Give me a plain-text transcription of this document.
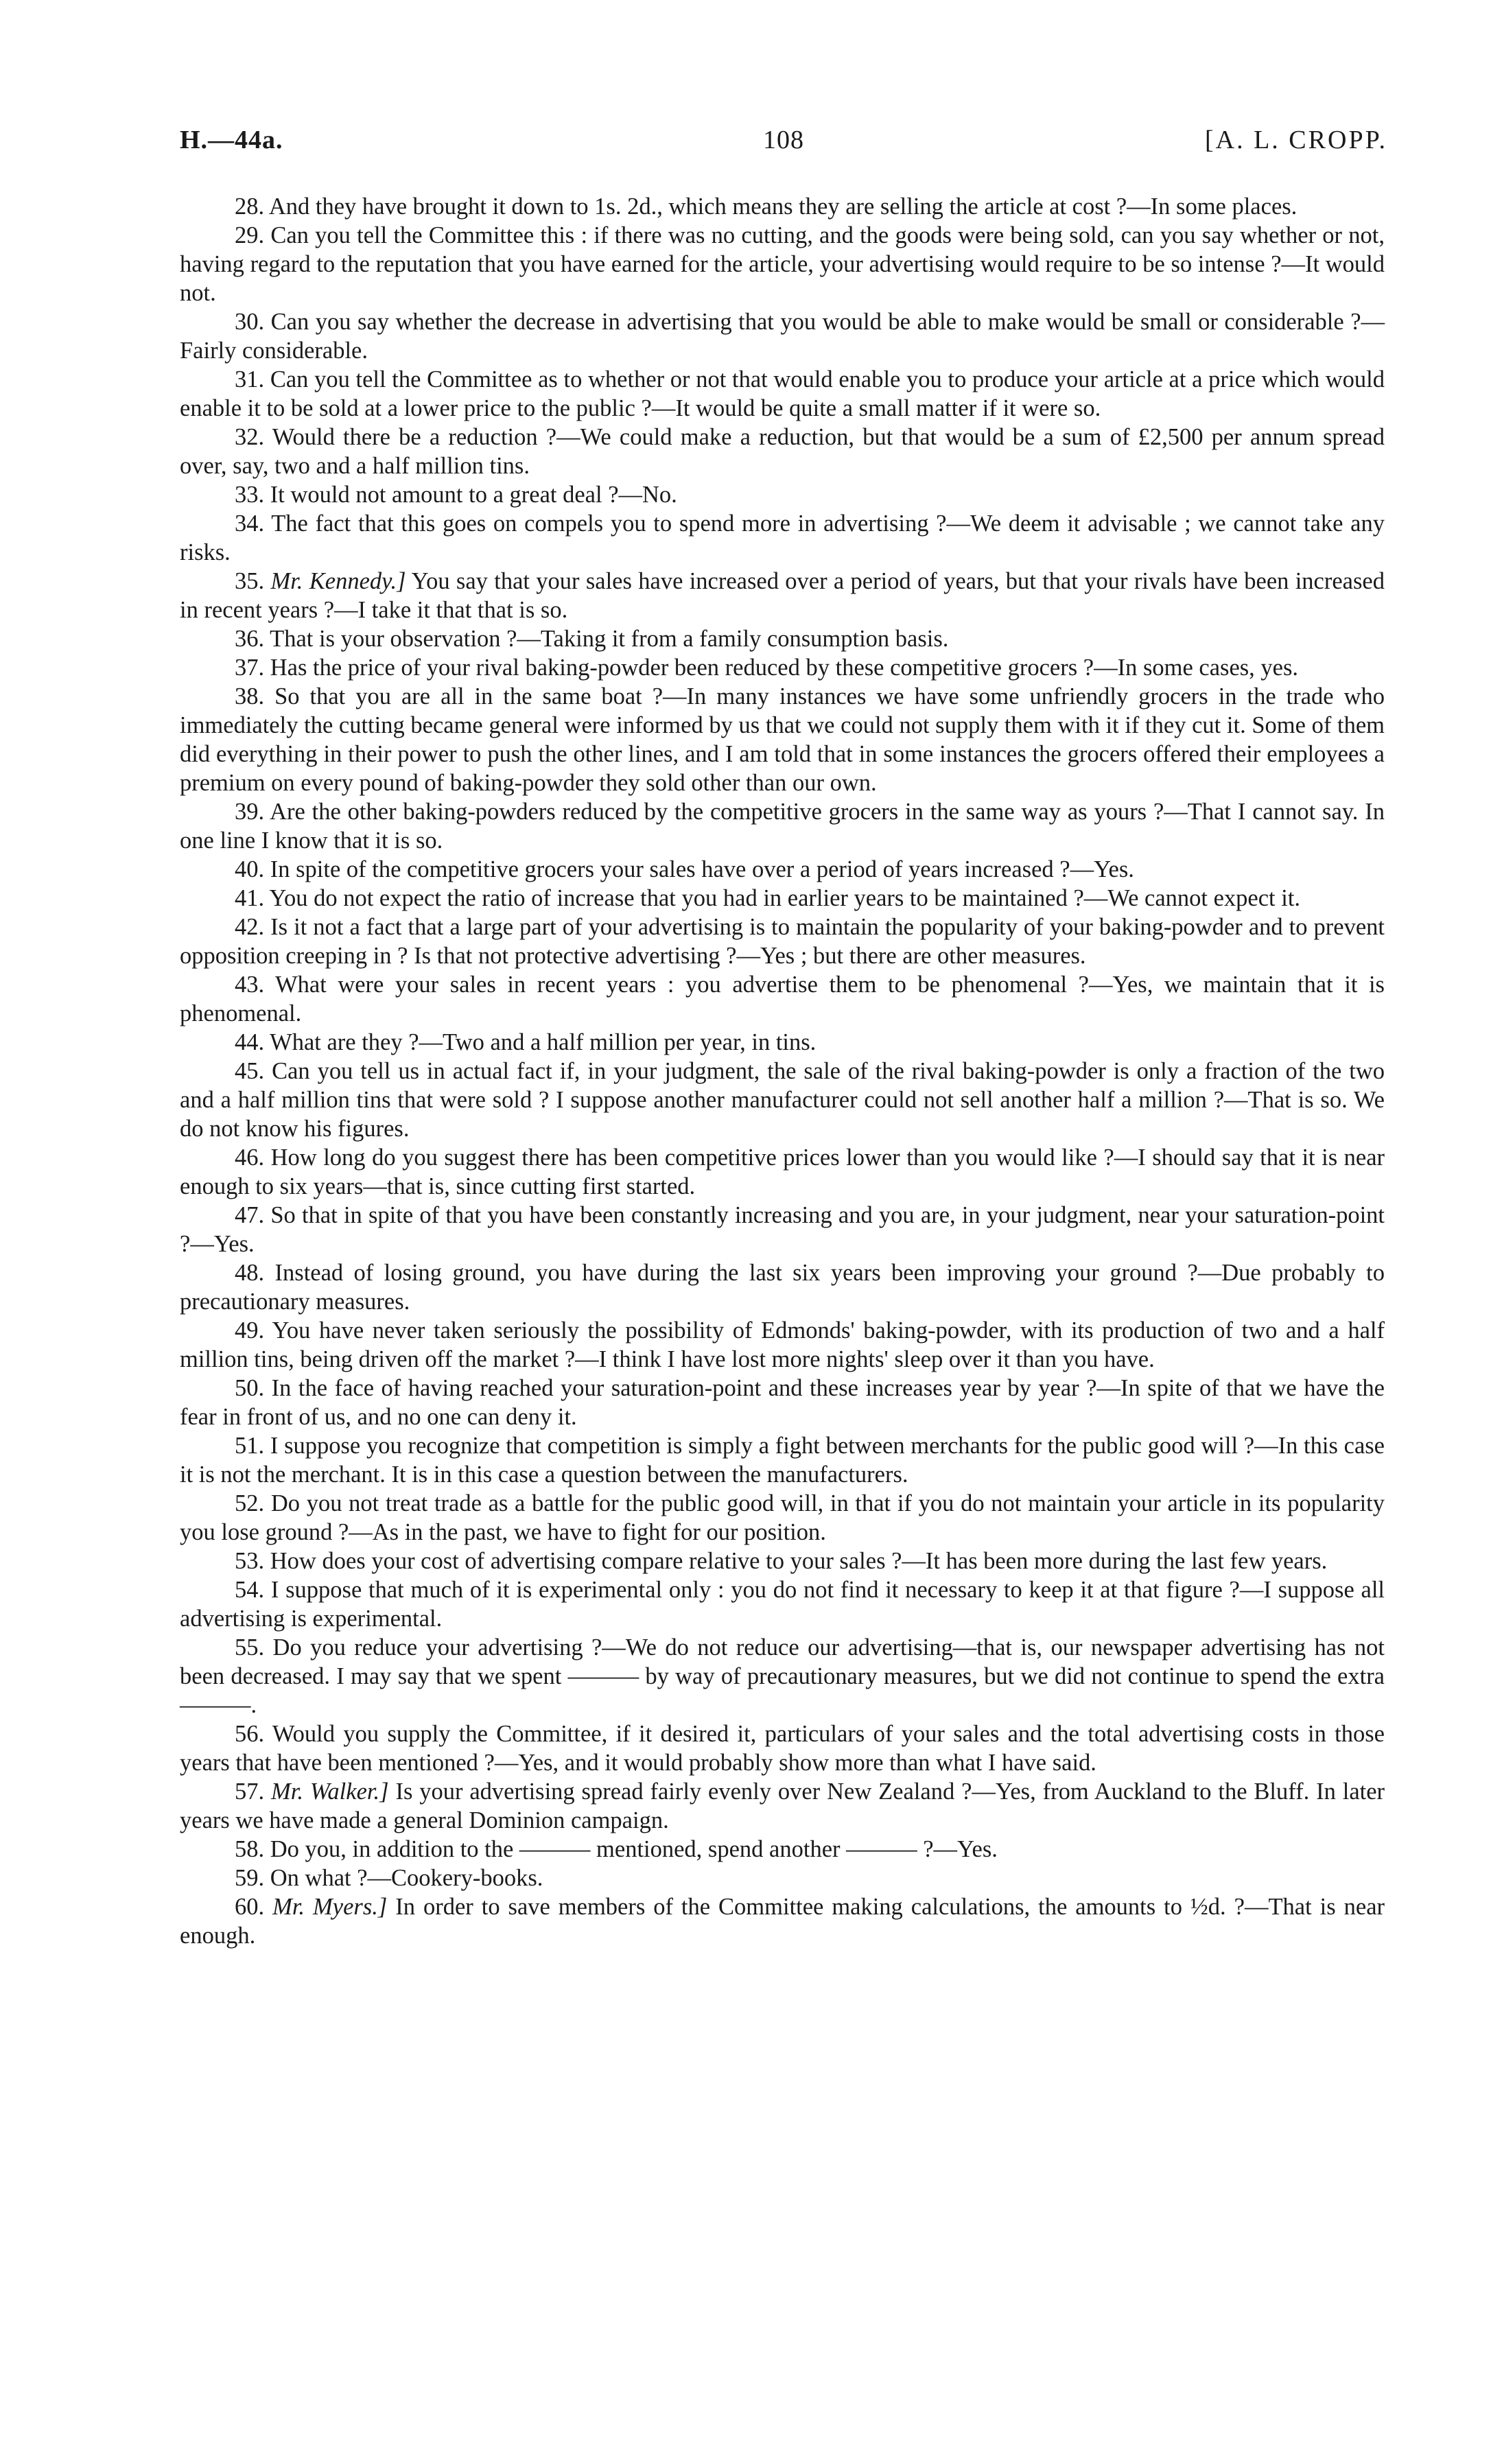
H.—44a.	108	[A. L. CROPP.

28. And they have brought it down to 1s. 2d., which means they are selling the article at cost ?—In some places.

29. Can you tell the Committee this : if there was no cutting, and the goods were being sold, can you say whether or not, having regard to the reputation that you have earned for the article, your advertising would require to be so intense ?—It would not.

30. Can you say whether the decrease in advertising that you would be able to make would be small or considerable ?—Fairly considerable.

31. Can you tell the Committee as to whether or not that would enable you to produce your article at a price which would enable it to be sold at a lower price to the public ?—It would be quite a small matter if it were so.

32. Would there be a reduction ?—We could make a reduction, but that would be a sum of £2,500 per annum spread over, say, two and a half million tins.

33. It would not amount to a great deal ?—No.

34. The fact that this goes on compels you to spend more in advertising ?—We deem it advisable ; we cannot take any risks.

35. Mr. Kennedy.] You say that your sales have increased over a period of years, but that your rivals have been increased in recent years ?—I take it that that is so.

36. That is your observation ?—Taking it from a family consumption basis.

37. Has the price of your rival baking-powder been reduced by these competitive grocers ?—In some cases, yes.

38. So that you are all in the same boat ?—In many instances we have some unfriendly grocers in the trade who immediately the cutting became general were informed by us that we could not supply them with it if they cut it. Some of them did everything in their power to push the other lines, and I am told that in some instances the grocers offered their employees a premium on every pound of baking-powder they sold other than our own.

39. Are the other baking-powders reduced by the competitive grocers in the same way as yours ?—That I cannot say. In one line I know that it is so.

40. In spite of the competitive grocers your sales have over a period of years increased ?—Yes.

41. You do not expect the ratio of increase that you had in earlier years to be maintained ?—We cannot expect it.

42. Is it not a fact that a large part of your advertising is to maintain the popularity of your baking-powder and to prevent opposition creeping in ? Is that not protective advertising ?—Yes ; but there are other measures.

43. What were your sales in recent years : you advertise them to be phenomenal ?—Yes, we maintain that it is phenomenal.

44. What are they ?—Two and a half million per year, in tins.

45. Can you tell us in actual fact if, in your judgment, the sale of the rival baking-powder is only a fraction of the two and a half million tins that were sold ? I suppose another manufacturer could not sell another half a million ?—That is so. We do not know his figures.

46. How long do you suggest there has been competitive prices lower than you would like ?—I should say that it is near enough to six years—that is, since cutting first started.

47. So that in spite of that you have been constantly increasing and you are, in your judgment, near your saturation-point ?—Yes.

48. Instead of losing ground, you have during the last six years been improving your ground ?—Due probably to precautionary measures.

49. You have never taken seriously the possibility of Edmonds' baking-powder, with its production of two and a half million tins, being driven off the market ?—I think I have lost more nights' sleep over it than you have.

50. In the face of having reached your saturation-point and these increases year by year ?—In spite of that we have the fear in front of us, and no one can deny it.

51. I suppose you recognize that competition is simply a fight between merchants for the public good will ?—In this case it is not the merchant. It is in this case a question between the manufacturers.

52. Do you not treat trade as a battle for the public good will, in that if you do not maintain your article in its popularity you lose ground ?—As in the past, we have to fight for our position.

53. How does your cost of advertising compare relative to your sales ?—It has been more during the last few years.

54. I suppose that much of it is experimental only : you do not find it necessary to keep it at that figure ?—I suppose all advertising is experimental.

55. Do you reduce your advertising ?—We do not reduce our advertising—that is, our newspaper advertising has not been decreased. I may say that we spent ——— by way of precautionary measures, but we did not continue to spend the extra ———.

56. Would you supply the Committee, if it desired it, particulars of your sales and the total advertising costs in those years that have been mentioned ?—Yes, and it would probably show more than what I have said.

57. Mr. Walker.] Is your advertising spread fairly evenly over New Zealand ?—Yes, from Auckland to the Bluff. In later years we have made a general Dominion campaign.

58. Do you, in addition to the ——— mentioned, spend another ——— ?—Yes.

59. On what ?—Cookery-books.

60. Mr. Myers.] In order to save members of the Committee making calculations, the amounts to ½d. ?—That is near enough.
